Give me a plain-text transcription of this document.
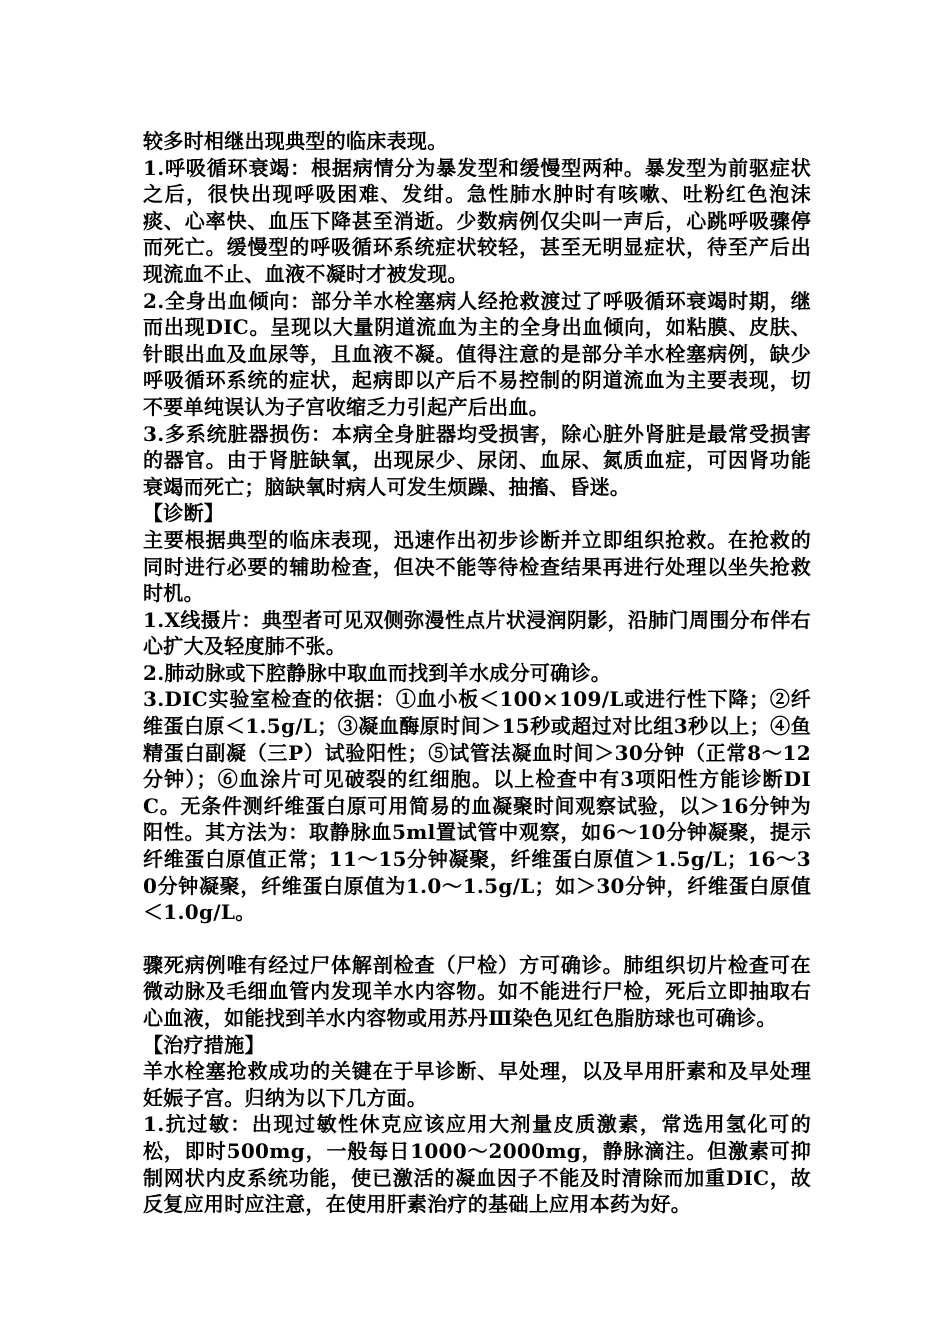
较多时相继出现典型的临床表现。

1.呼吸循环衰竭：根据病情分为暴发型和缓慢型两种。暴发型为前驱症状之后，很快出现呼吸困难、发绀。急性肺水肿时有咳嗽、吐粉红色泡沫痰、心率快、血压下降甚至消逝。少数病例仅尖叫一声后，心跳呼吸骤停而死亡。缓慢型的呼吸循环系统症状较轻，甚至无明显症状，待至产后出现流血不止、血液不凝时才被发现。

2.全身出血倾向：部分羊水栓塞病人经抢救渡过了呼吸循环衰竭时期，继而出现DIC。呈现以大量阴道流血为主的全身出血倾向，如粘膜、皮肤、针眼出血及血尿等，且血液不凝。值得注意的是部分羊水栓塞病例，缺少呼吸循环系统的症状，起病即以产后不易控制的阴道流血为主要表现，切不要单纯误认为子宫收缩乏力引起产后出血。

3.多系统脏器损伤：本病全身脏器均受损害，除心脏外肾脏是最常受损害的器官。由于肾脏缺氧，出现尿少、尿闭、血尿、氮质血症，可因肾功能衰竭而死亡；脑缺氧时病人可发生烦躁、抽搐、昏迷。

【诊断】

主要根据典型的临床表现，迅速作出初步诊断并立即组织抢救。在抢救的同时进行必要的辅助检查，但决不能等待检查结果再进行处理以坐失抢救时机。

1.X线摄片：典型者可见双侧弥漫性点片状浸润阴影，沿肺门周围分布伴右心扩大及轻度肺不张。

2.肺动脉或下腔静脉中取血而找到羊水成分可确诊。

3.DIC实验室检查的依据：①血小板＜100×109/L或进行性下降；②纤维蛋白原＜1.5g/L；③凝血酶原时间＞15秒或超过对比组3秒以上；④鱼精蛋白副凝（三P）试验阳性；⑤试管法凝血时间＞30分钟（正常8～12分钟）；⑥血涂片可见破裂的红细胞。以上检查中有3项阳性方能诊断DIC。无条件测纤维蛋白原可用简易的血凝聚时间观察试验，以＞16分钟为阳性。其方法为：取静脉血5ml置试管中观察，如6～10分钟凝聚，提示纤维蛋白原值正常；11～15分钟凝聚，纤维蛋白原值＞1.5g/L；16～30分钟凝聚，纤维蛋白原值为1.0～1.5g/L；如＞30分钟，纤维蛋白原值＜1.0g/L。

骤死病例唯有经过尸体解剖检查（尸检）方可确诊。肺组织切片检查可在微动脉及毛细血管内发现羊水内容物。如不能进行尸检，死后立即抽取右心血液，如能找到羊水内容物或用苏丹Ⅲ染色见红色脂肪球也可确诊。

【治疗措施】

羊水栓塞抢救成功的关键在于早诊断、早处理，以及早用肝素和及早处理妊娠子宫。归纳为以下几方面。

1.抗过敏：出现过敏性休克应该应用大剂量皮质激素，常选用氢化可的松，即时500mg，一般每日1000～2000mg，静脉滴注。但激素可抑制网状内皮系统功能，使已激活的凝血因子不能及时清除而加重DIC，故反复应用时应注意，在使用肝素治疗的基础上应用本药为好。
